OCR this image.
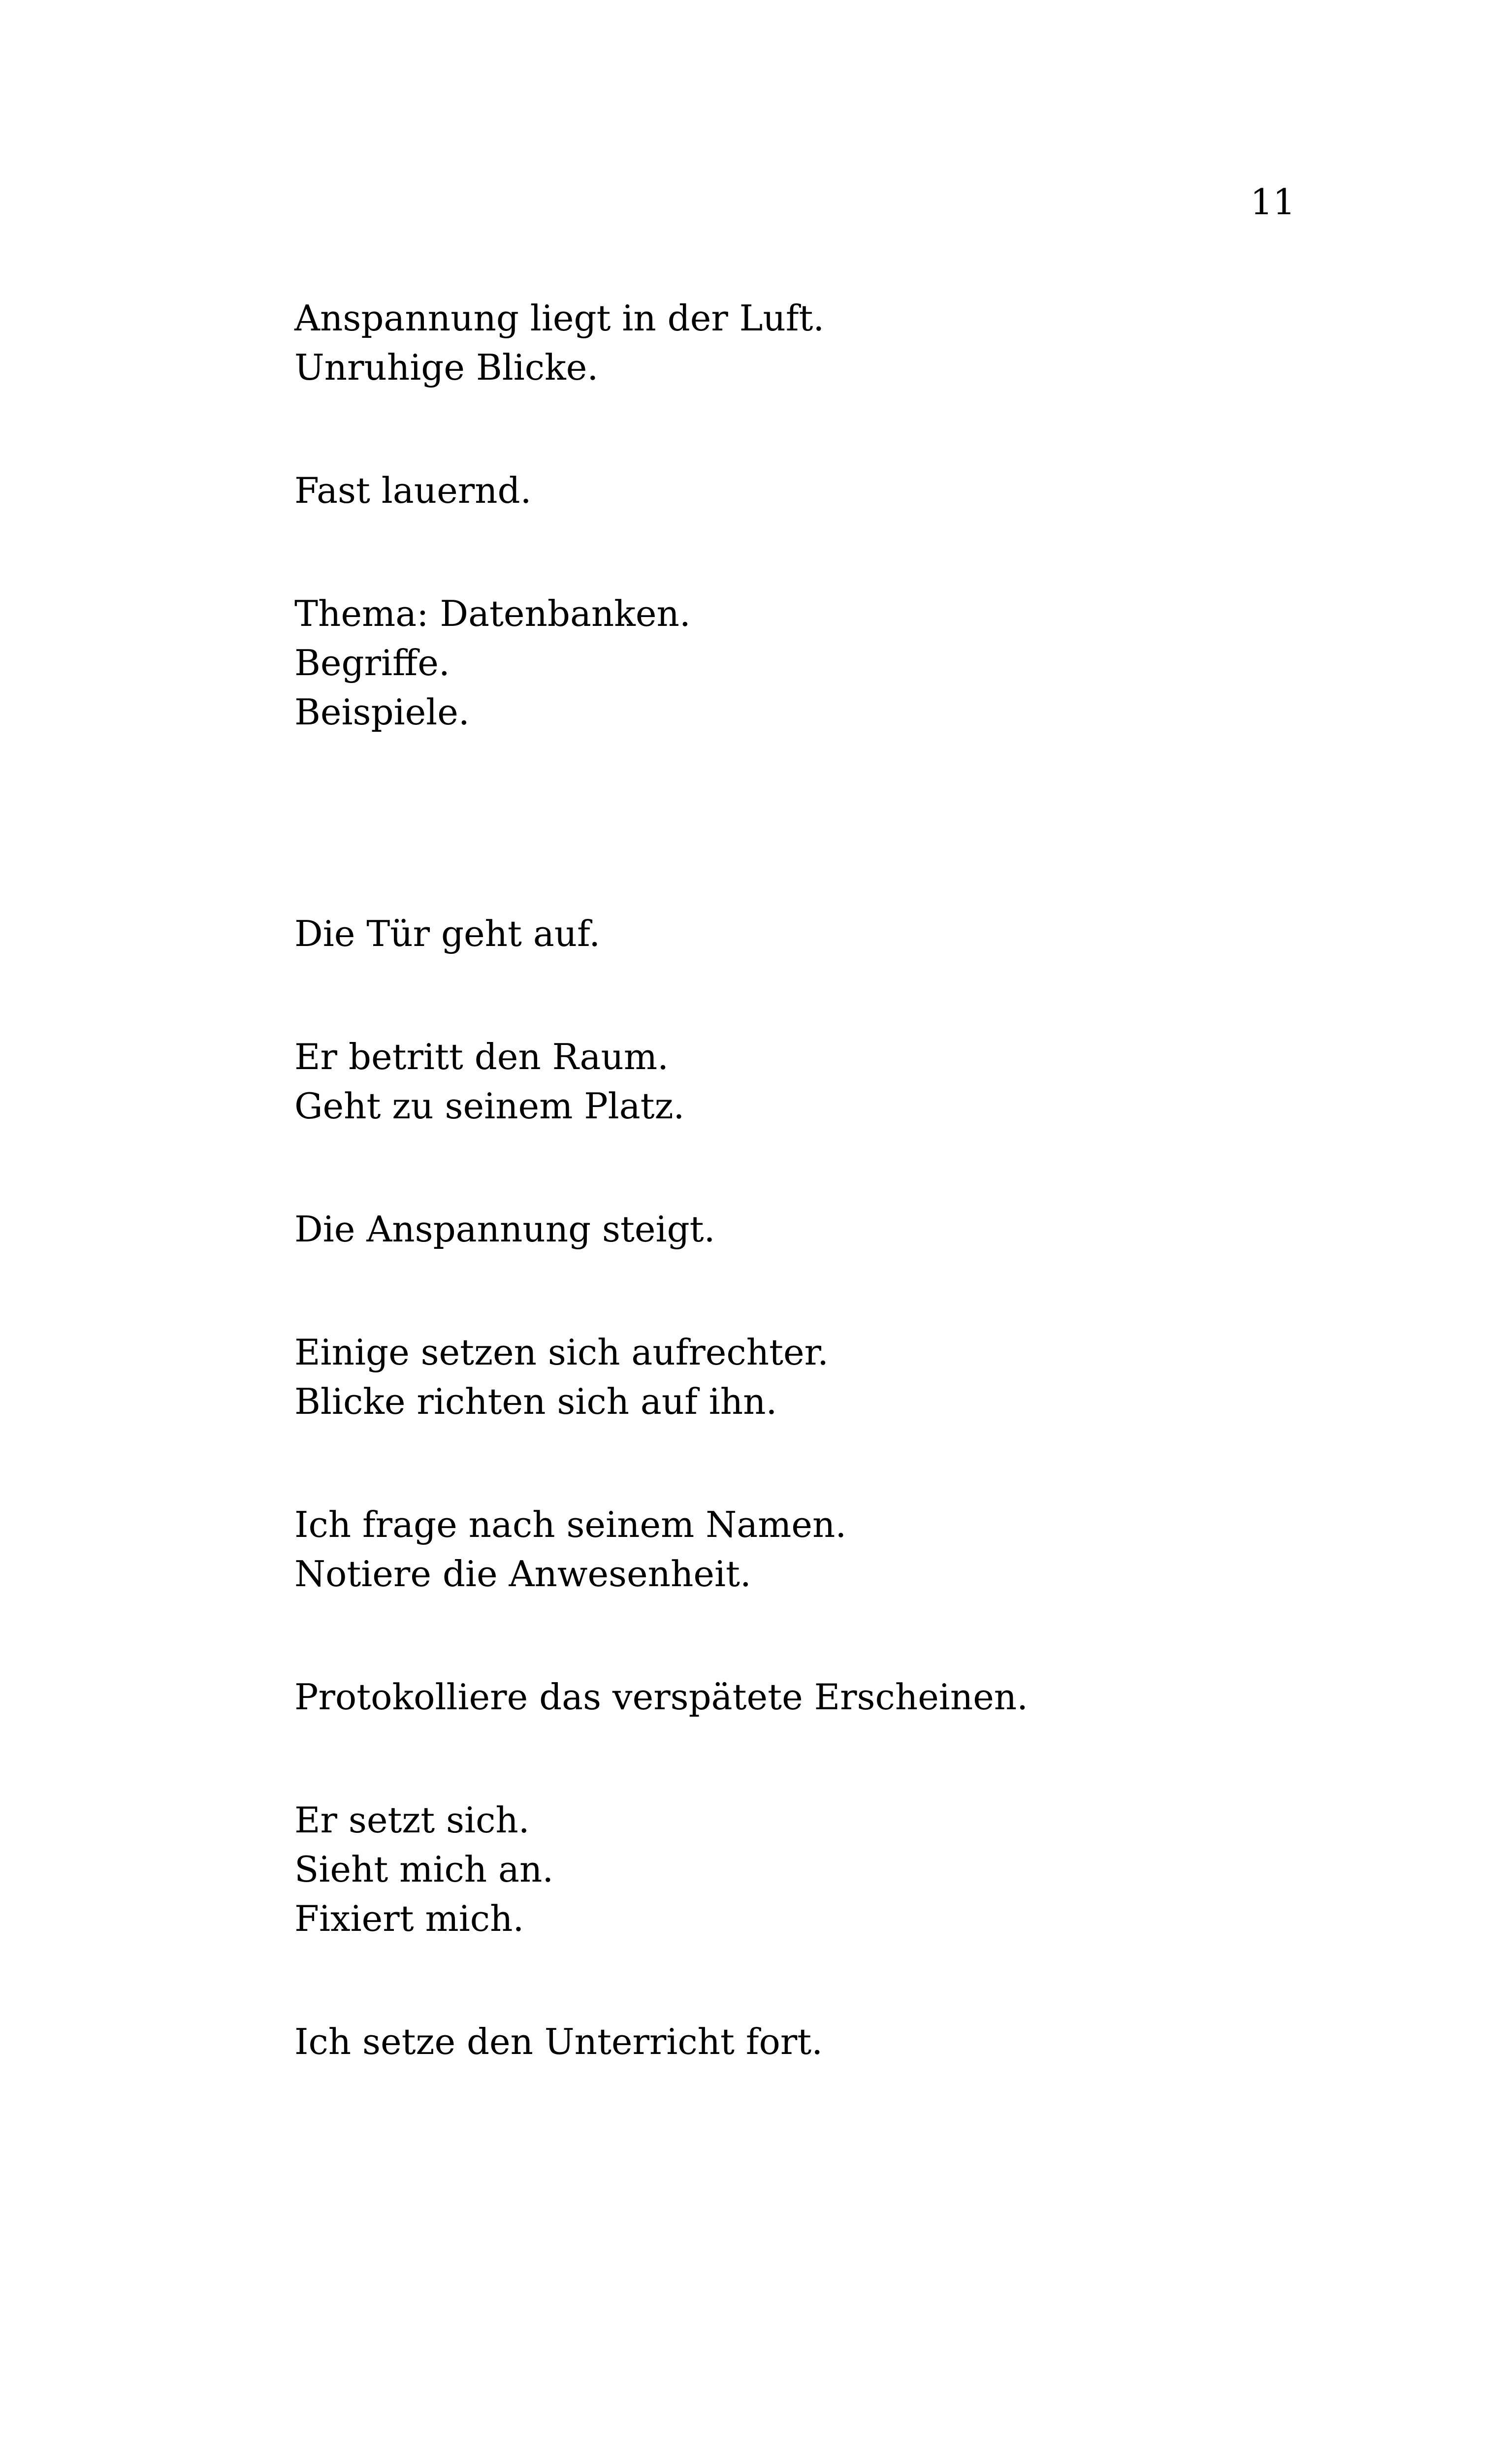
11

Anspannung liegt in der Luft.
Unruhige Blicke.

Fast lauernd.

Thema: Datenbanken.
Begriffe.
Beispiele.

Die Tür geht auf.

Er betritt den Raum.
Geht zu seinem Platz.

Die Anspannung steigt.

Einige setzen sich aufrechter.
Blicke richten sich auf ihn.

Ich frage nach seinem Namen.
Notiere die Anwesenheit.

Protokolliere das verspätete Erscheinen.

Er setzt sich.
Sieht mich an.
Fixiert mich.

Ich setze den Unterricht fort.
